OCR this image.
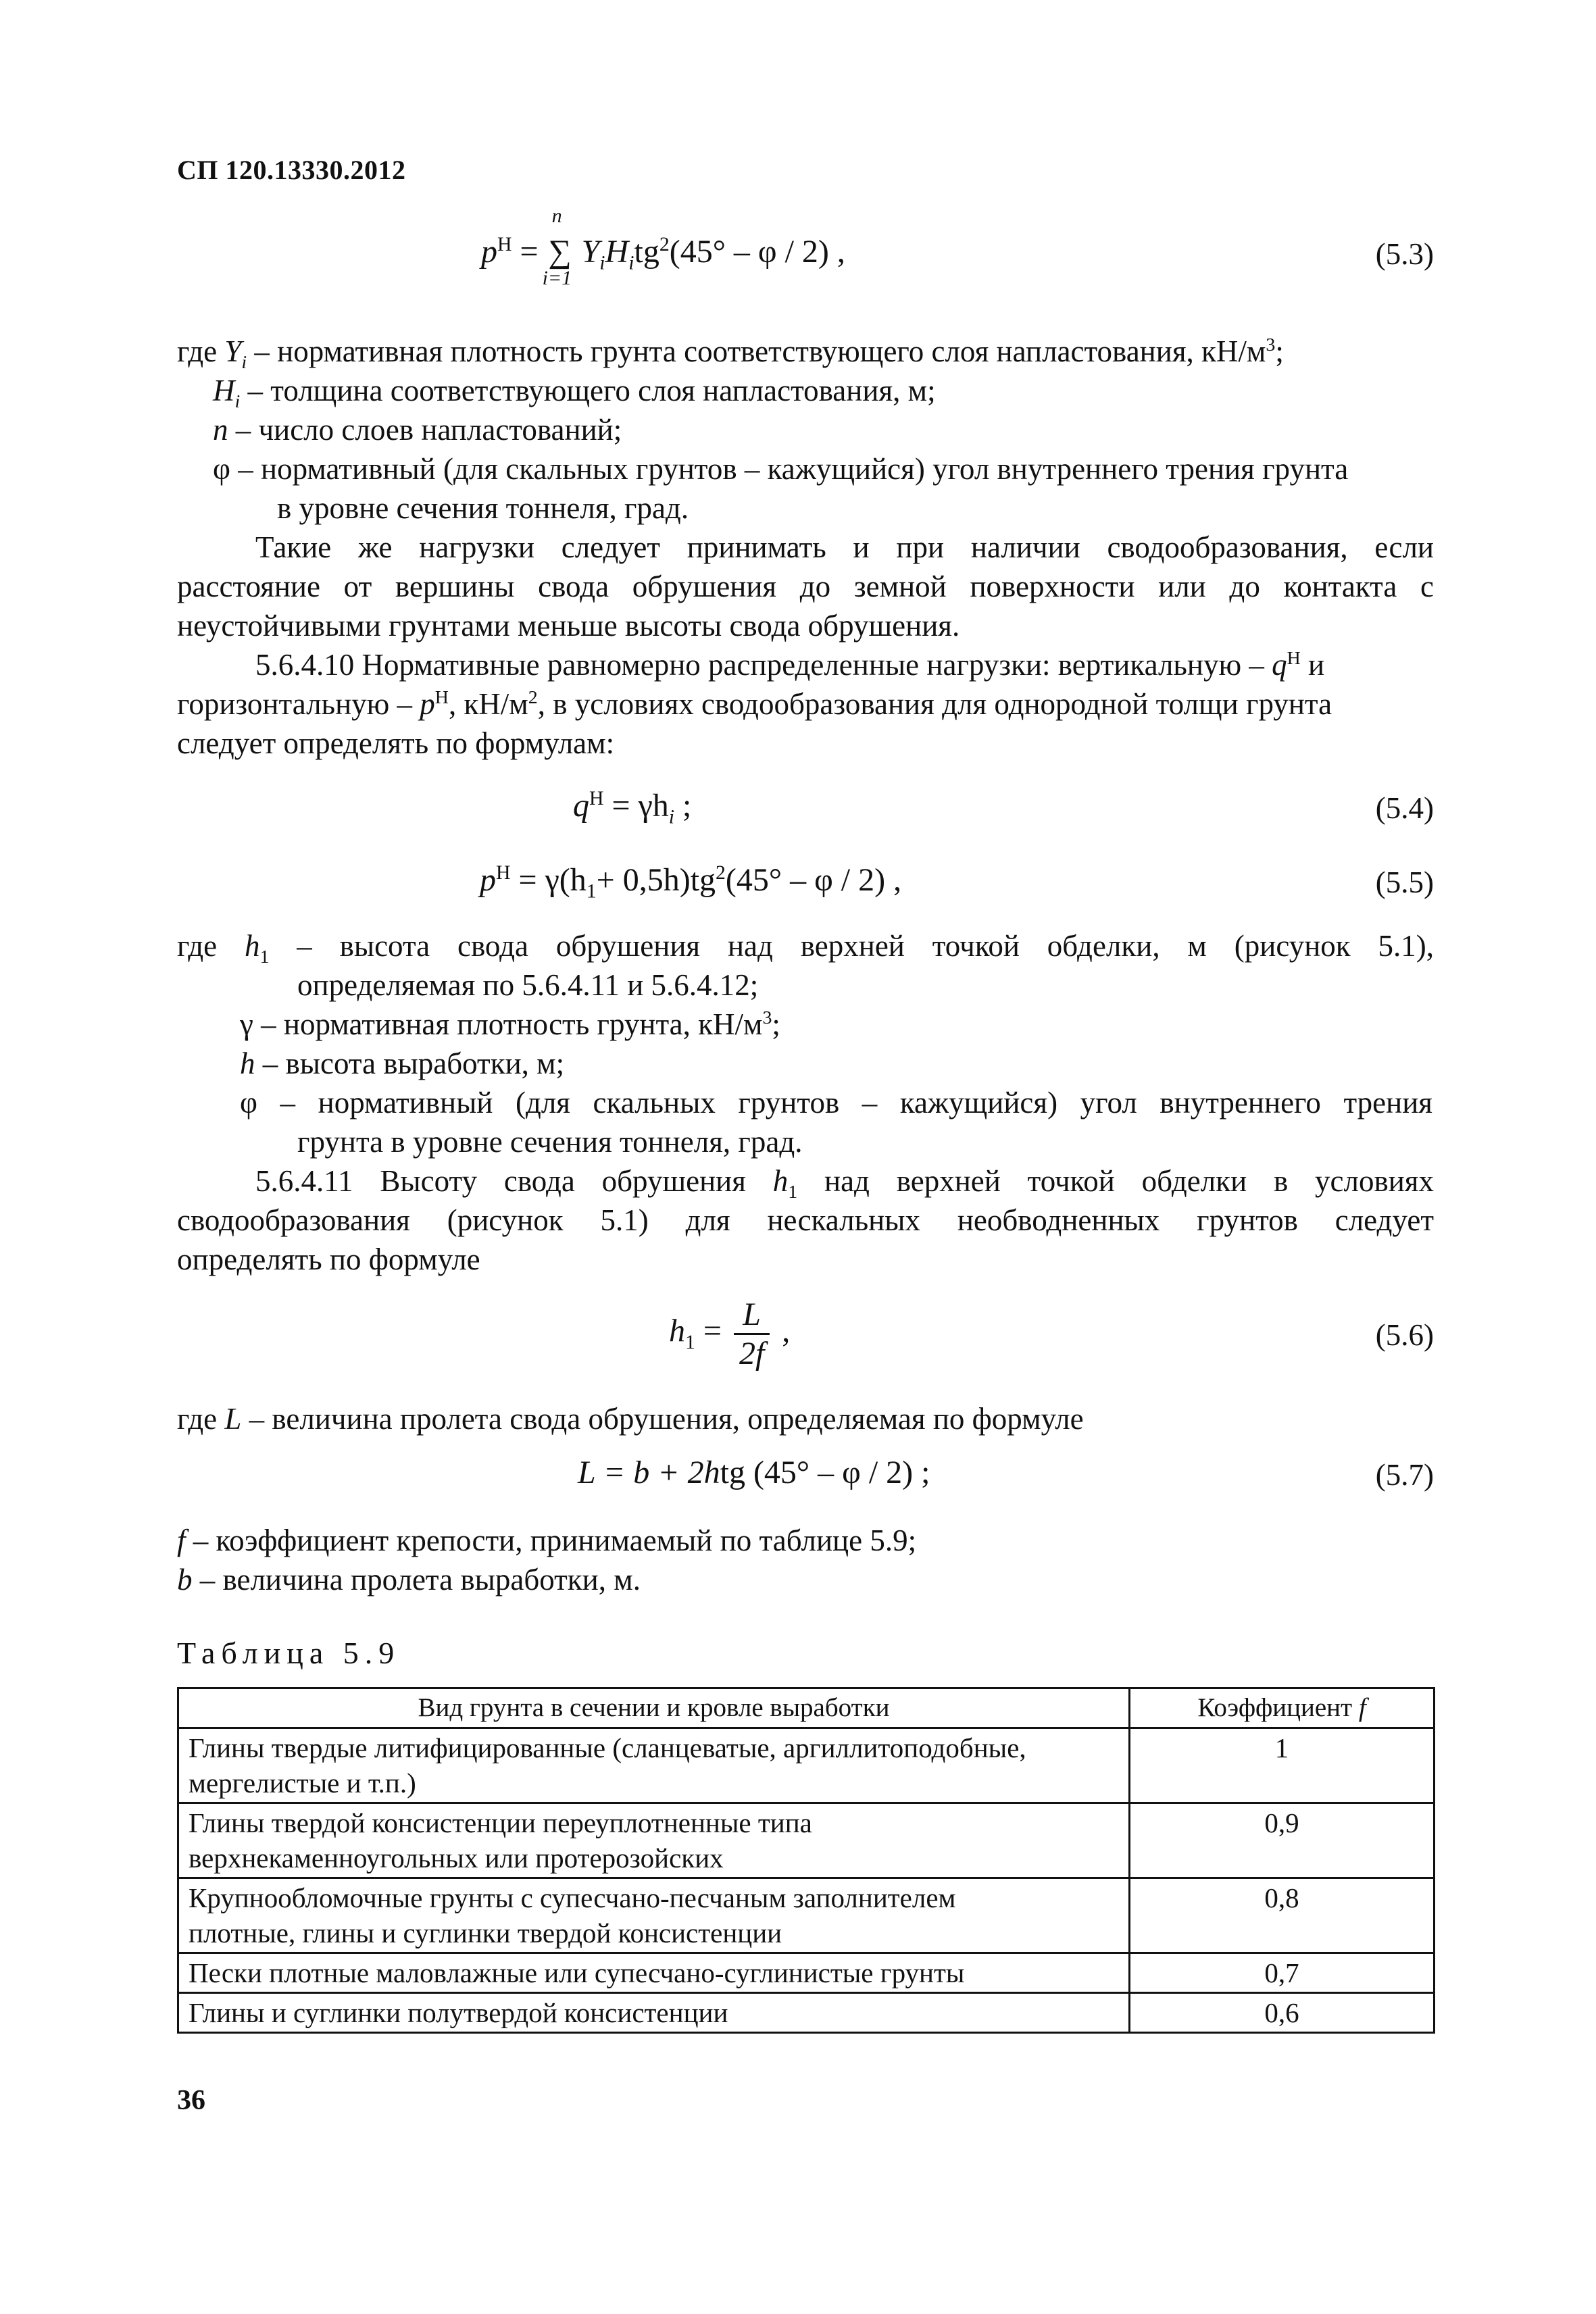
СП 120.13330.2012
$p^Н$ = ∑
n
i=1
$Y_iH_itg^2(45^\circ$ – φ / 2) ,	(5.3)
где $Y_i$ – нормативная плотность грунта соответствующего слоя напластования, $кН/м^3$;
$H_i$ – толщина соответствующего слоя напластования, м;
n – число слоев напластований;
φ – нормативный (для скальных грунтов – кажущийся) угол внутреннего трения грунта
в уровне сечения тоннеля, град.
Такие же нагрузки следует принимать и при наличии сводообразования, если
расстояние от вершины свода обрушения до земной поверхности или до контакта с
неустойчивыми грунтами меньше высоты свода обрушения.
5.6.4.10 Нормативные равномерно распределенные нагрузки: вертикальную – $q^Н$ и
горизонтальную – $p^Н$, $кН/м^2$, в условиях сводообразования для однородной толщи грунта
следует определять по формулам:
$q^Н = \gamma h_i$ ;	(5.4)
$p^Н = \gamma(h_1+ 0,5h)tg^2(45^\circ - \varphi / 2)$ ,	(5.5)
где $h_1$ – высота свода обрушения над верхней точкой обделки, м (рисунок 5.1),
определяемая по 5.6.4.11 и 5.6.4.12;
γ – нормативная плотность грунта, $кН/м^3$;
h – высота выработки, м;
φ – нормативный (для скальных грунтов – кажущийся) угол внутреннего трения
грунта в уровне сечения тоннеля, град.
5.6.4.11 Высоту свода обрушения $h_1$ над верхней точкой обделки в условиях
сводообразования (рисунок 5.1) для нескальных необводненных грунтов следует
определять по формуле
$h_1 = \frac{L}{2f}$ ,	(5.6)
где L – величина пролета свода обрушения, определяемая по формуле
L = b + 2htg (45° – φ / 2) ;	(5.7)
f – коэффициент крепости, принимаемый по таблице 5.9;
b – величина пролета выработки, м.
Таблица 5.9
Вид грунта в сечении и кровле выработки	Коэффициент f
Глины твердые литифицированные (сланцеватые, аргиллитоподобные,
мергелистые и т.п.)	1
Глины твердой консистенции переуплотненные типа
верхнекаменноугольных или протерозойских	0,9
Крупнообломочные грунты с супесчано-песчаным заполнителем
плотные, глины и суглинки твердой консистенции	0,8
Пески плотные маловлажные или супесчано-суглинистые грунты	0,7
Глины и суглинки полутвердой консистенции	0,6
36
